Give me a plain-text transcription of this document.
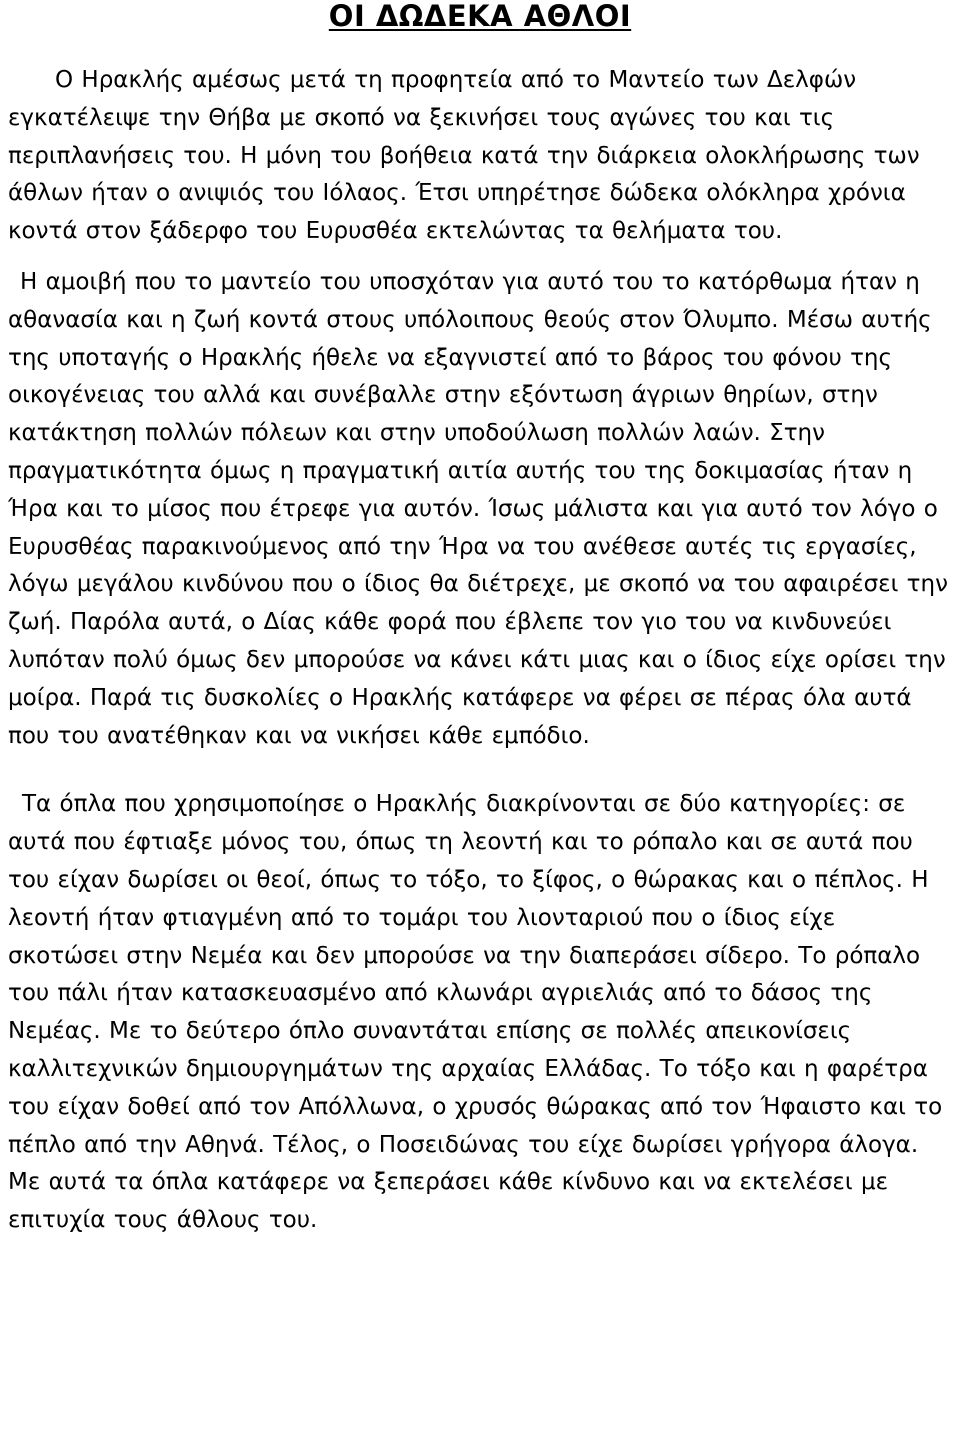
ΟΙ ΔΩΔΕΚΑ ΑΘΛΟΙ

Ο Ηρακλής αμέσως μετά τη προφητεία από το Μαντείο των Δελφών εγκατέλειψε την Θήβα με σκοπό να ξεκινήσει τους αγώνες του και τις περιπλανήσεις του. Η μόνη του βοήθεια κατά την διάρκεια ολοκλήρωσης των άθλων ήταν ο ανιψιός του Ιόλαος. Έτσι υπηρέτησε δώδεκα ολόκληρα χρόνια κοντά στον ξάδερφο του Ευρυσθέα εκτελώντας τα θελήματα του.

Η αμοιβή που το μαντείο του υποσχόταν για αυτό του το κατόρθωμα ήταν η αθανασία και η ζωή κοντά στους υπόλοιπους θεούς στον Όλυμπο. Μέσω αυτής της υποταγής ο Ηρακλής ήθελε να εξαγνιστεί από το βάρος του φόνου της οικογένειας του αλλά και συνέβαλλε στην εξόντωση άγριων θηρίων, στην κατάκτηση πολλών πόλεων και στην υποδούλωση πολλών λαών. Στην πραγματικότητα όμως η πραγματική αιτία αυτής του της δοκιμασίας ήταν η Ήρα και το μίσος που έτρεφε για αυτόν. Ίσως μάλιστα και για αυτό τον λόγο ο Ευρυσθέας παρακινούμενος από την Ήρα να του ανέθεσε αυτές τις εργασίες, λόγω μεγάλου κινδύνου που ο ίδιος θα διέτρεχε, με σκοπό να του αφαιρέσει την ζωή. Παρόλα αυτά, ο Δίας κάθε φορά που έβλεπε τον γιο του να κινδυνεύει λυπόταν πολύ όμως δεν μπορούσε να κάνει κάτι μιας και ο ίδιος είχε ορίσει την μοίρα. Παρά τις δυσκολίες ο Ηρακλής κατάφερε να φέρει σε πέρας όλα αυτά που του ανατέθηκαν και να νικήσει κάθε εμπόδιο.

Τα όπλα που χρησιμοποίησε ο Ηρακλής διακρίνονται σε δύο κατηγορίες: σε αυτά που έφτιαξε μόνος του, όπως τη λεοντή και το ρόπαλο και σε αυτά που του είχαν δωρίσει οι θεοί, όπως το τόξο, το ξίφος, ο θώρακας και ο πέπλος. Η λεοντή ήταν φτιαγμένη από το τομάρι του λιονταριού που ο ίδιος είχε σκοτώσει στην Νεμέα και δεν μπορούσε να την διαπεράσει σίδερο. Το ρόπαλο του πάλι ήταν κατασκευασμένο από κλωνάρι αγριελιάς από το δάσος της Νεμέας. Με το δεύτερο όπλο συναντάται επίσης σε πολλές απεικονίσεις καλλιτεχνικών δημιουργημάτων της αρχαίας Ελλάδας. Το τόξο και η φαρέτρα του είχαν δοθεί από τον Απόλλωνα, ο χρυσός θώρακας από τον Ήφαιστο και το πέπλο από την Αθηνά. Τέλος, ο Ποσειδώνας του είχε δωρίσει γρήγορα άλογα. Με αυτά τα όπλα κατάφερε να ξεπεράσει κάθε κίνδυνο και να εκτελέσει με επιτυχία τους άθλους του.
